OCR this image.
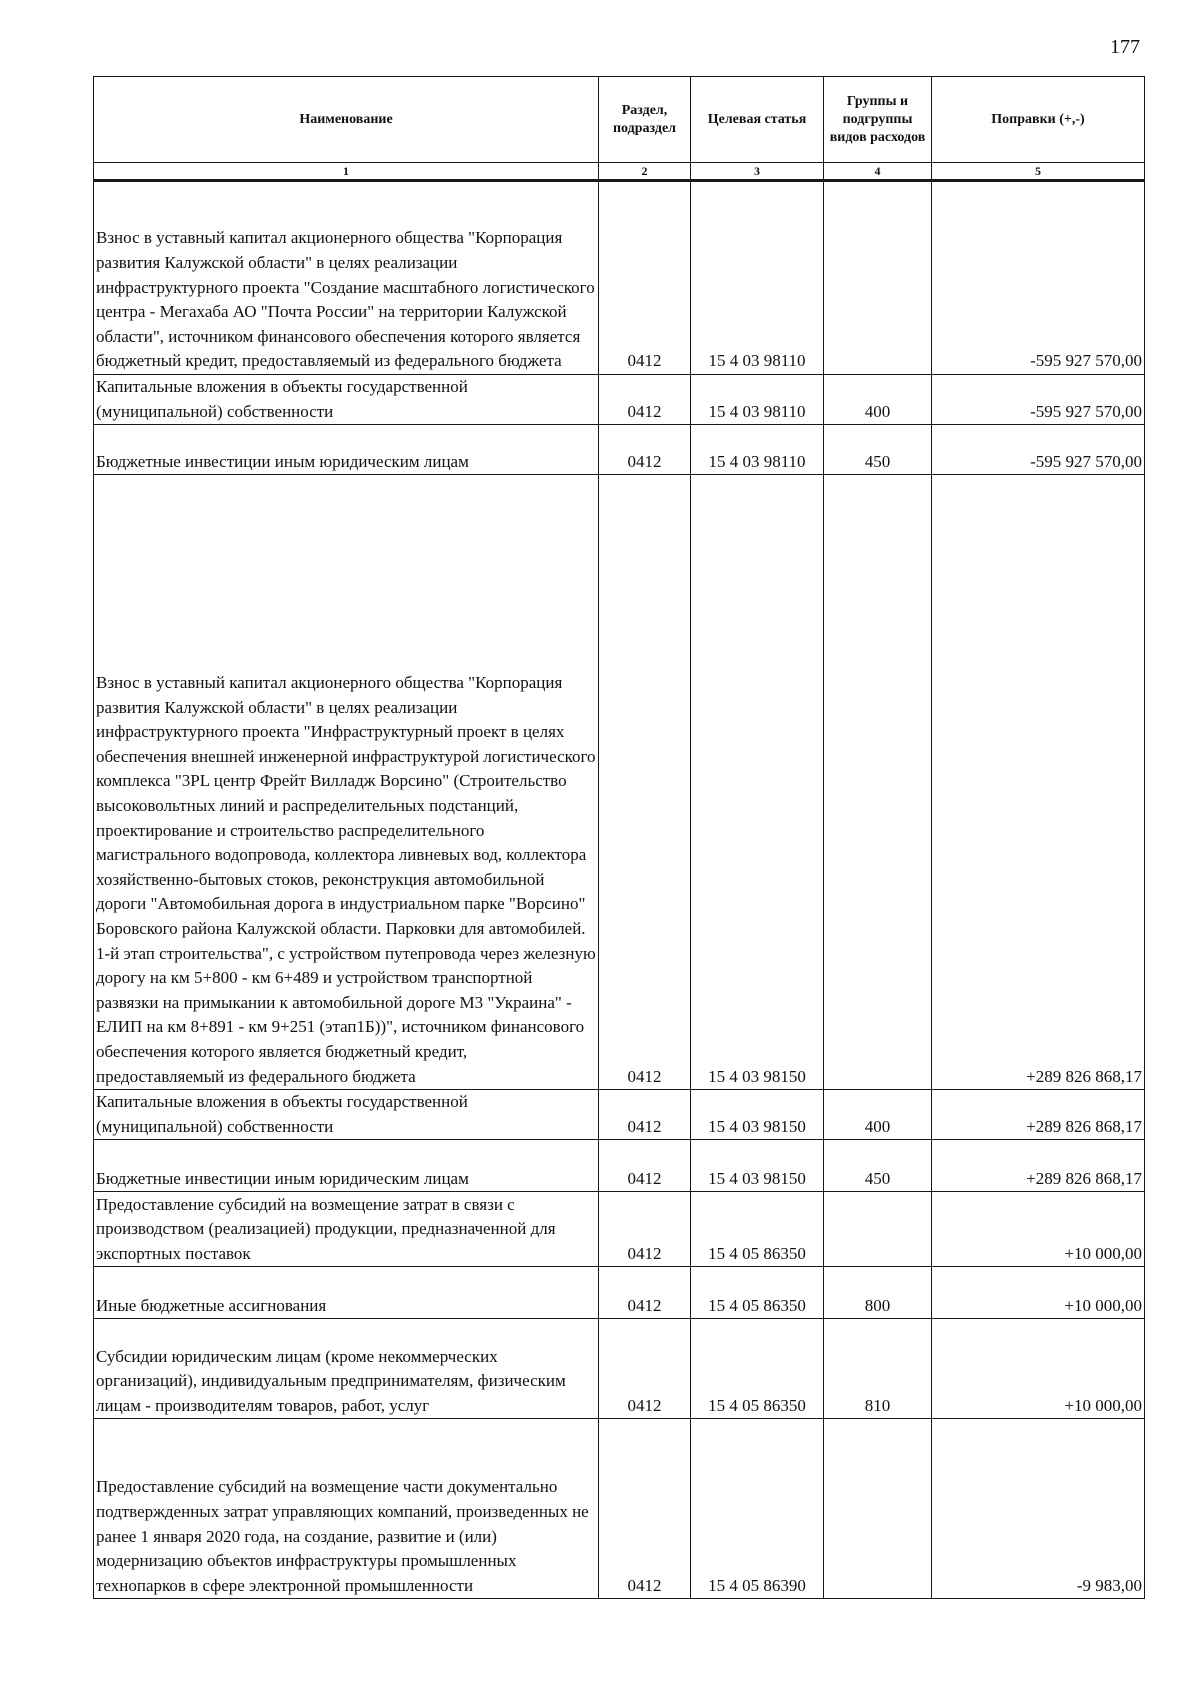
177
Наименование	Раздел, подраздел	Целевая статья	Группы и подгруппы видов расходов	Поправки (+,-)
1	2	3	4	5
Взнос в уставный капитал акционерного общества "Корпорация развития Калужской области" в целях реализации инфраструктурного проекта "Создание масштабного логистического центра - Мегахаба АО "Почта России" на территории Калужской области", источником финансового обеспечения которого является бюджетный кредит, предоставляемый из федерального бюджета	0412	15 4 03 98110		-595 927 570,00
Капитальные вложения в объекты государственной (муниципальной) собственности	0412	15 4 03 98110	400	-595 927 570,00
Бюджетные инвестиции иным юридическим лицам	0412	15 4 03 98110	450	-595 927 570,00
Взнос в уставный капитал акционерного общества "Корпорация развития Калужской области" в целях реализации инфраструктурного проекта "Инфраструктурный проект в целях обеспечения внешней инженерной инфраструктурой логистического комплекса "3PL центр Фрейт Вилладж Ворсино" (Строительство высоковольтных линий и распределительных подстанций, проектирование и строительство распределительного магистрального водопровода, коллектора ливневых вод, коллектора хозяйственно-бытовых стоков, реконструкция автомобильной дороги "Автомобильная дорога в индустриальном парке "Ворсино" Боровского района Калужской области. Парковки для автомобилей. 1-й этап строительства", с устройством путепровода через железную дорогу на км 5+800 - км 6+489 и устройством транспортной развязки на примыкании к автомобильной дороге М3 "Украина" - ЕЛИП на км 8+891 - км 9+251 (этап1Б))", источником финансового обеспечения которого является бюджетный кредит, предоставляемый из федерального бюджета	0412	15 4 03 98150		+289 826 868,17
Капитальные вложения в объекты государственной (муниципальной) собственности	0412	15 4 03 98150	400	+289 826 868,17
Бюджетные инвестиции иным юридическим лицам	0412	15 4 03 98150	450	+289 826 868,17
Предоставление субсидий на возмещение затрат в связи с производством (реализацией) продукции, предназначенной для экспортных поставок	0412	15 4 05 86350		+10 000,00
Иные бюджетные ассигнования	0412	15 4 05 86350	800	+10 000,00
Субсидии юридическим лицам (кроме некоммерческих организаций), индивидуальным предпринимателям, физическим лицам - производителям товаров, работ, услуг	0412	15 4 05 86350	810	+10 000,00
Предоставление субсидий на возмещение части документально подтвержденных затрат управляющих компаний, произведенных не ранее 1 января 2020 года, на создание, развитие и (или) модернизацию объектов инфраструктуры промышленных технопарков в сфере электронной промышленности	0412	15 4 05 86390		-9 983,00
